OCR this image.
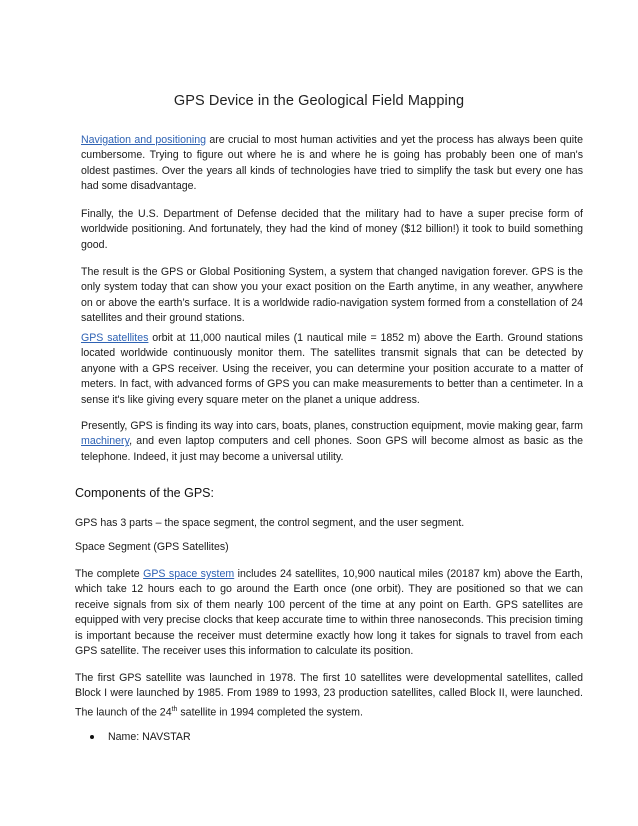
GPS Device in the Geological Field Mapping

Navigation and positioning are crucial to most human activities and yet the process has always been quite cumbersome. Trying to figure out where he is and where he is going has probably been one of man's oldest pastimes. Over the years all kinds of technologies have tried to simplify the task but every one has had some disadvantage.

Finally, the U.S. Department of Defense decided that the military had to have a super precise form of worldwide positioning. And fortunately, they had the kind of money ($12 billion!) it took to build something good.

The result is the GPS or Global Positioning System, a system that changed navigation forever. GPS is the only system today that can show you your exact position on the Earth anytime, in any weather, anywhere on or above the earth’s surface. It is a worldwide radio-navigation system formed from a constellation of 24 satellites and their ground stations.

GPS satellites orbit at 11,000 nautical miles (1 nautical mile = 1852 m) above the Earth. Ground stations located worldwide continuously monitor them. The satellites transmit signals that can be detected by anyone with a GPS receiver. Using the receiver, you can determine your position accurate to a matter of meters. In fact, with advanced forms of GPS you can make measurements to better than a centimeter. In a sense it's like giving every square meter on the planet a unique address.

Presently, GPS is finding its way into cars, boats, planes, construction equipment, movie making gear, farm machinery, and even laptop computers and cell phones. Soon GPS will become almost as basic as the telephone. Indeed, it just may become a universal utility.

Components of the GPS:
GPS has 3 parts – the space segment, the control segment, and the user segment.
Space Segment (GPS Satellites)

The complete GPS space system includes 24 satellites, 10,900 nautical miles (20187 km) above the Earth, which take 12 hours each to go around the Earth once (one orbit). They are positioned so that we can receive signals from six of them nearly 100 percent of the time at any point on Earth. GPS satellites are equipped with very precise clocks that keep accurate time to within three nanoseconds. This precision timing is important because the receiver must determine exactly how long it takes for signals to travel from each GPS satellite. The receiver uses this information to calculate its position.

The first GPS satellite was launched in 1978. The first 10 satellites were developmental satellites, called Block I were launched by 1985. From 1989 to 1993, 23 production satellites, called Block II, were launched. The launch of the 24th satellite in 1994 completed the system.

Name: NAVSTAR
